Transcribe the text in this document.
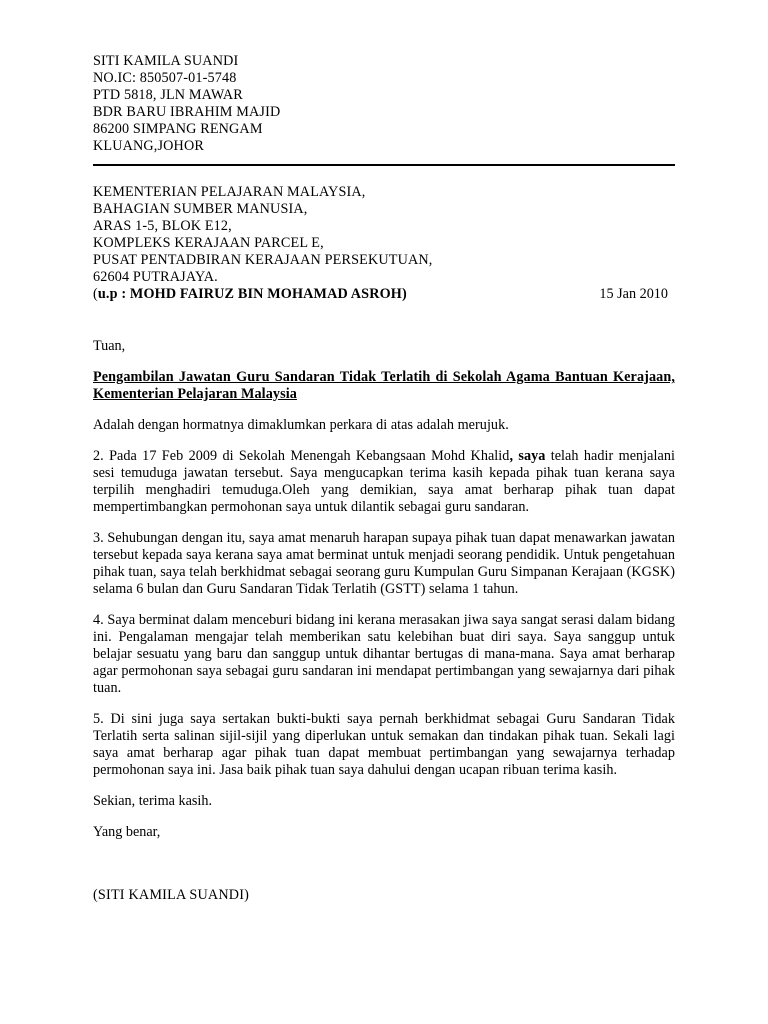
SITI KAMILA SUANDI
NO.IC: 850507-01-5748
PTD 5818, JLN MAWAR
BDR BARU IBRAHIM MAJID
86200 SIMPANG RENGAM
KLUANG,JOHOR
KEMENTERIAN PELAJARAN MALAYSIA,
BAHAGIAN SUMBER MANUSIA,
ARAS 1-5, BLOK E12,
KOMPLEKS KERAJAAN PARCEL E,
PUSAT PENTADBIRAN KERAJAAN PERSEKUTUAN,
62604 PUTRAJAYA.
(u.p : MOHD FAIRUZ BIN MOHAMAD ASROH)	15 Jan 2010
Tuan,
Pengambilan Jawatan Guru Sandaran Tidak Terlatih di Sekolah Agama Bantuan Kerajaan, Kementerian Pelajaran Malaysia
Adalah dengan hormatnya dimaklumkan perkara di atas adalah merujuk.
2. Pada 17 Feb 2009 di Sekolah Menengah Kebangsaan Mohd Khalid, saya telah hadir menjalani sesi temuduga jawatan tersebut. Saya mengucapkan terima kasih kepada pihak tuan kerana saya terpilih menghadiri temuduga.Oleh yang demikian, saya amat berharap pihak tuan dapat mempertimbangkan permohonan saya untuk dilantik sebagai guru sandaran.
3. Sehubungan dengan itu, saya amat menaruh harapan supaya pihak tuan dapat menawarkan jawatan tersebut kepada saya kerana saya amat berminat untuk menjadi seorang pendidik. Untuk pengetahuan pihak tuan, saya telah berkhidmat sebagai seorang guru Kumpulan Guru Simpanan Kerajaan (KGSK) selama 6 bulan dan Guru Sandaran Tidak Terlatih (GSTT) selama 1 tahun.
4. Saya berminat dalam menceburi bidang ini kerana merasakan jiwa saya sangat serasi dalam bidang ini. Pengalaman mengajar telah memberikan satu kelebihan buat diri saya. Saya sanggup untuk belajar sesuatu yang baru dan sanggup untuk dihantar bertugas di mana-mana. Saya amat berharap agar permohonan saya sebagai guru sandaran ini mendapat pertimbangan yang sewajarnya dari pihak tuan.
5. Di sini juga saya sertakan bukti-bukti saya pernah berkhidmat sebagai Guru Sandaran Tidak Terlatih serta salinan sijil-sijil yang diperlukan untuk semakan dan tindakan pihak tuan. Sekali lagi saya amat berharap agar pihak tuan dapat membuat pertimbangan yang sewajarnya terhadap permohonan saya ini. Jasa baik pihak tuan saya dahului dengan ucapan ribuan terima kasih.
Sekian, terima kasih.
Yang benar,
(SITI KAMILA SUANDI)
